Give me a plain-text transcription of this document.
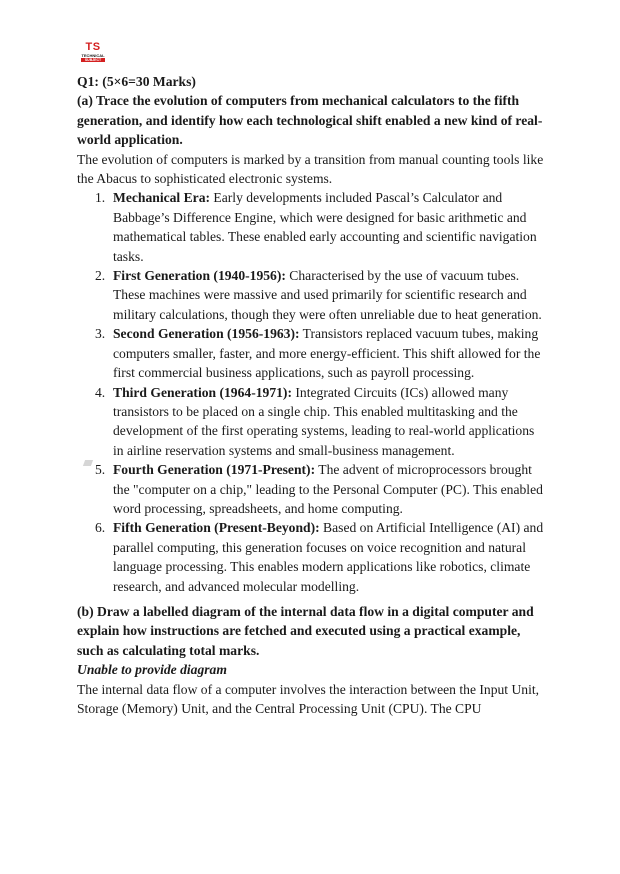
TS
TECHNICAL
SUBJECT

Q1: (5×6=30 Marks)

(a) Trace the evolution of computers from mechanical calculators to the fifth generation, and identify how each technological shift enabled a new kind of real-world application.

The evolution of computers is marked by a transition from manual counting tools like the Abacus to sophisticated electronic systems.

1. Mechanical Era: Early developments included Pascal’s Calculator and Babbage’s Difference Engine, which were designed for basic arithmetic and mathematical tables. These enabled early accounting and scientific navigation tasks.
2. First Generation (1940-1956): Characterised by the use of vacuum tubes. These machines were massive and used primarily for scientific research and military calculations, though they were often unreliable due to heat generation.
3. Second Generation (1956-1963): Transistors replaced vacuum tubes, making computers smaller, faster, and more energy-efficient. This shift allowed for the first commercial business applications, such as payroll processing.
4. Third Generation (1964-1971): Integrated Circuits (ICs) allowed many transistors to be placed on a single chip. This enabled multitasking and the development of the first operating systems, leading to real-world applications in airline reservation systems and small-business management.
5. Fourth Generation (1971-Present): The advent of microprocessors brought the "computer on a chip," leading to the Personal Computer (PC). This enabled word processing, spreadsheets, and home computing.
6. Fifth Generation (Present-Beyond): Based on Artificial Intelligence (AI) and parallel computing, this generation focuses on voice recognition and natural language processing. This enables modern applications like robotics, climate research, and advanced molecular modelling.

(b) Draw a labelled diagram of the internal data flow in a digital computer and explain how instructions are fetched and executed using a practical example, such as calculating total marks.

Unable to provide diagram

The internal data flow of a computer involves the interaction between the Input Unit, Storage (Memory) Unit, and the Central Processing Unit (CPU). The CPU
